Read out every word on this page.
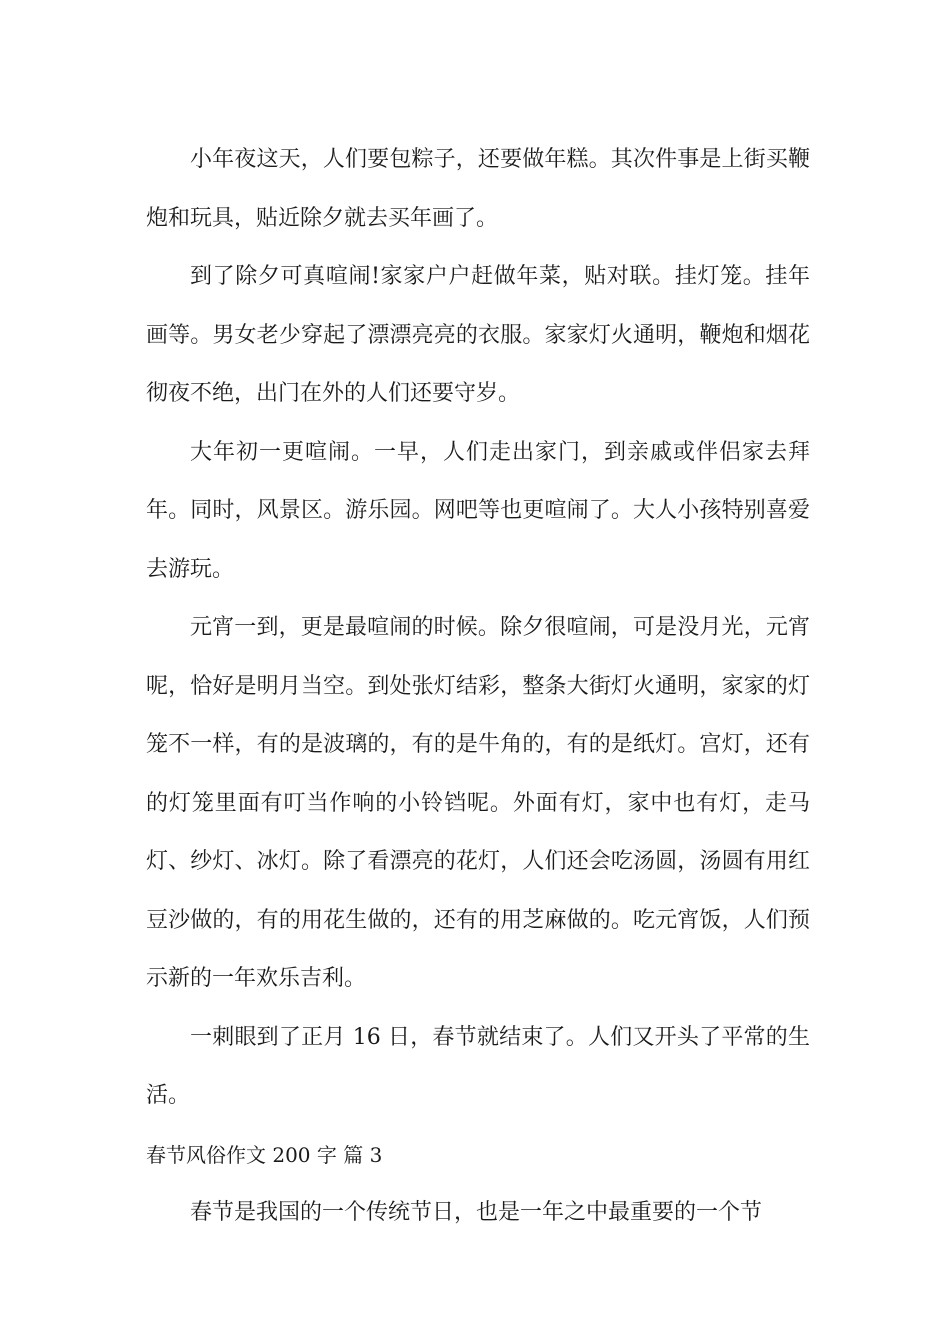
小年夜这天，人们要包粽子，还要做年糕。其次件事是上街买鞭炮和玩具，贴近除夕就去买年画了。

到了除夕可真喧闹!家家户户赶做年菜，贴对联。挂灯笼。挂年画等。男女老少穿起了漂漂亮亮的衣服。家家灯火通明，鞭炮和烟花彻夜不绝，出门在外的人们还要守岁。

大年初一更喧闹。一早，人们走出家门，到亲戚或伴侣家去拜年。同时，风景区。游乐园。网吧等也更喧闹了。大人小孩特别喜爱去游玩。

元宵一到，更是最喧闹的时候。除夕很喧闹，可是没月光，元宵呢，恰好是明月当空。到处张灯结彩，整条大街灯火通明，家家的灯笼不一样，有的是波璃的，有的是牛角的，有的是纸灯。宫灯，还有的灯笼里面有叮当作响的小铃铛呢。外面有灯，家中也有灯，走马灯、纱灯、冰灯。除了看漂亮的花灯，人们还会吃汤圆，汤圆有用红豆沙做的，有的用花生做的，还有的用芝麻做的。吃元宵饭，人们预示新的一年欢乐吉利。

一刺眼到了正月 16 日，春节就结束了。人们又开头了平常的生活。

春节风俗作文 200 字 篇 3

春节是我国的一个传统节日，也是一年之中最重要的一个节
